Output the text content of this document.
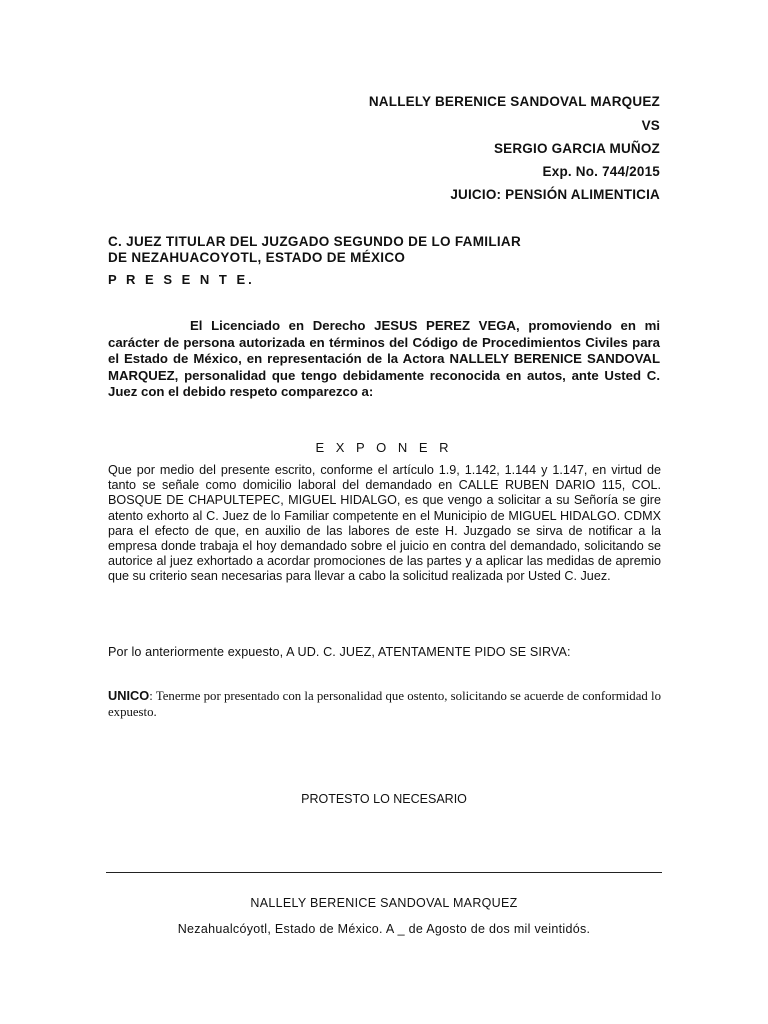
NALLELY BERENICE SANDOVAL MARQUEZ
VS
SERGIO GARCIA MUÑOZ
Exp. No. 744/2015
JUICIO: PENSIÓN ALIMENTICIA
C. JUEZ TITULAR DEL JUZGADO SEGUNDO DE LO FAMILIAR
DE NEZAHUACOYOTL, ESTADO DE MÉXICO
P R E S E N T E.
El Licenciado en Derecho JESUS PEREZ VEGA, promoviendo en mi carácter de persona autorizada en términos del Código de Procedimientos Civiles para el Estado de México, en representación de la Actora NALLELY BERENICE SANDOVAL MARQUEZ, personalidad que tengo debidamente reconocida en autos, ante Usted C. Juez con el debido respeto comparezco a:
E X P O N E R
Que por medio del presente escrito, conforme el artículo 1.9, 1.142, 1.144 y 1.147, en virtud de tanto se señale como domicilio laboral del demandado en CALLE RUBEN DARIO 115, COL. BOSQUE DE CHAPULTEPEC, MIGUEL HIDALGO, es que vengo a solicitar a su Señoría se gire atento exhorto al C. Juez de lo Familiar competente en el Municipio de MIGUEL HIDALGO. CDMX para el efecto de que, en auxilio de las labores de este H. Juzgado se sirva de notificar a la empresa donde trabaja el hoy demandado sobre el juicio en contra del demandado, solicitando se autorice al juez exhortado a acordar promociones de las partes y a aplicar las medidas de apremio que su criterio sean necesarias para llevar a cabo la solicitud realizada por Usted C. Juez.
Por lo anteriormente expuesto, A UD. C. JUEZ, ATENTAMENTE PIDO SE SIRVA:
UNICO: Tenerme por presentado con la personalidad que ostento, solicitando se acuerde de conformidad lo expuesto.
PROTESTO LO NECESARIO
NALLELY BERENICE SANDOVAL MARQUEZ
Nezahualcóyotl, Estado de México. A _ de Agosto de dos mil veintidós.
